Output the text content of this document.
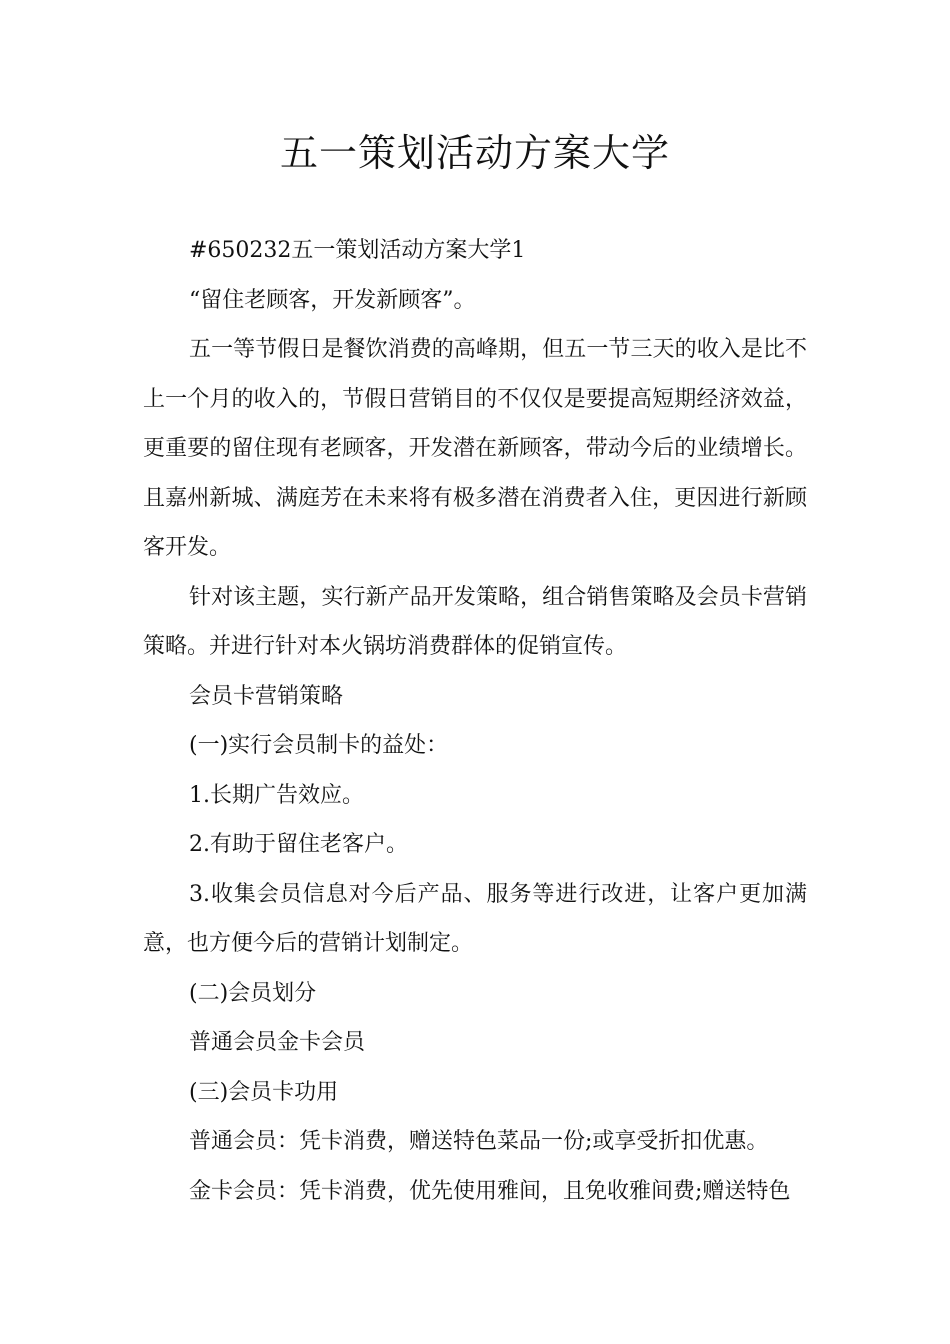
五一策划活动方案大学

#650232五一策划活动方案大学1

“留住老顾客，开发新顾客”。

五一等节假日是餐饮消费的高峰期，但五一节三天的收入是比不上一个月的收入的，节假日营销目的不仅仅是要提高短期经济效益，更重要的留住现有老顾客，开发潜在新顾客，带动今后的业绩增长。且嘉州新城、满庭芳在未来将有极多潜在消费者入住，更因进行新顾客开发。

针对该主题，实行新产品开发策略，组合销售策略及会员卡营销策略。并进行针对本火锅坊消费群体的促销宣传。

会员卡营销策略

(一)实行会员制卡的益处：

1.长期广告效应。

2.有助于留住老客户。

3.收集会员信息对今后产品、服务等进行改进，让客户更加满意，也方便今后的营销计划制定。

(二)会员划分

普通会员金卡会员

(三)会员卡功用

普通会员：凭卡消费，赠送特色菜品一份;或享受折扣优惠。

金卡会员：凭卡消费，优先使用雅间，且免收雅间费;赠送特色
